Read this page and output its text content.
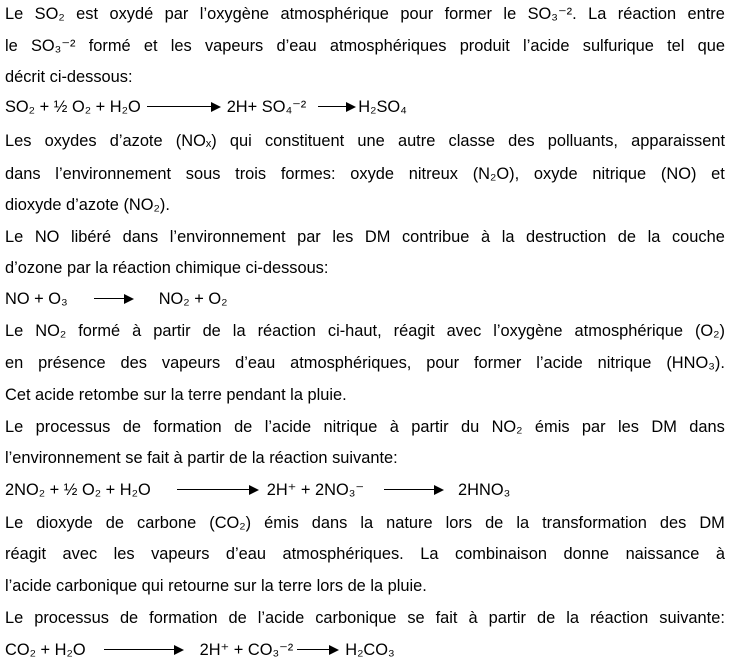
Le SO₂ est oxydé par l’oxygène atmosphérique pour former le SO₃⁻². La réaction entre
le SO₃⁻² formé et les vapeurs d’eau atmosphériques produit l’acide sulfurique tel que
décrit ci-dessous:
SO₂ + ½ O₂ + H₂O	2H+ SO₄⁻²	H₂SO₄
Les oxydes d’azote (NOₓ) qui constituent une autre classe des polluants, apparaissent
dans l’environnement sous trois formes: oxyde nitreux (N₂O), oxyde nitrique (NO) et
dioxyde d’azote (NO₂).
Le NO libéré dans l’environnement par les DM contribue à la destruction de la couche
d’ozone par la réaction chimique ci-dessous:
NO + O₃	NO₂ + O₂
Le NO₂ formé à partir de la réaction ci-haut, réagit avec l’oxygène atmosphérique (O₂)
en présence des vapeurs d’eau atmosphériques, pour former l’acide nitrique (HNO₃).
Cet acide retombe sur la terre pendant la pluie.
Le processus de formation de l’acide nitrique à partir du NO₂ émis par les DM dans
l’environnement se fait à partir de la réaction suivante:
2NO₂ + ½ O₂ + H₂O	2H⁺ + 2NO₃⁻	2HNO₃
Le dioxyde de carbone (CO₂) émis dans la nature lors de la transformation des DM
réagit avec les vapeurs d’eau atmosphériques. La combinaison donne naissance à
l’acide carbonique qui retourne sur la terre lors de la pluie.
Le processus de formation de l’acide carbonique se fait à partir de la réaction suivante:
CO₂ + H₂O	2H⁺ + CO₃⁻²	H₂CO₃
